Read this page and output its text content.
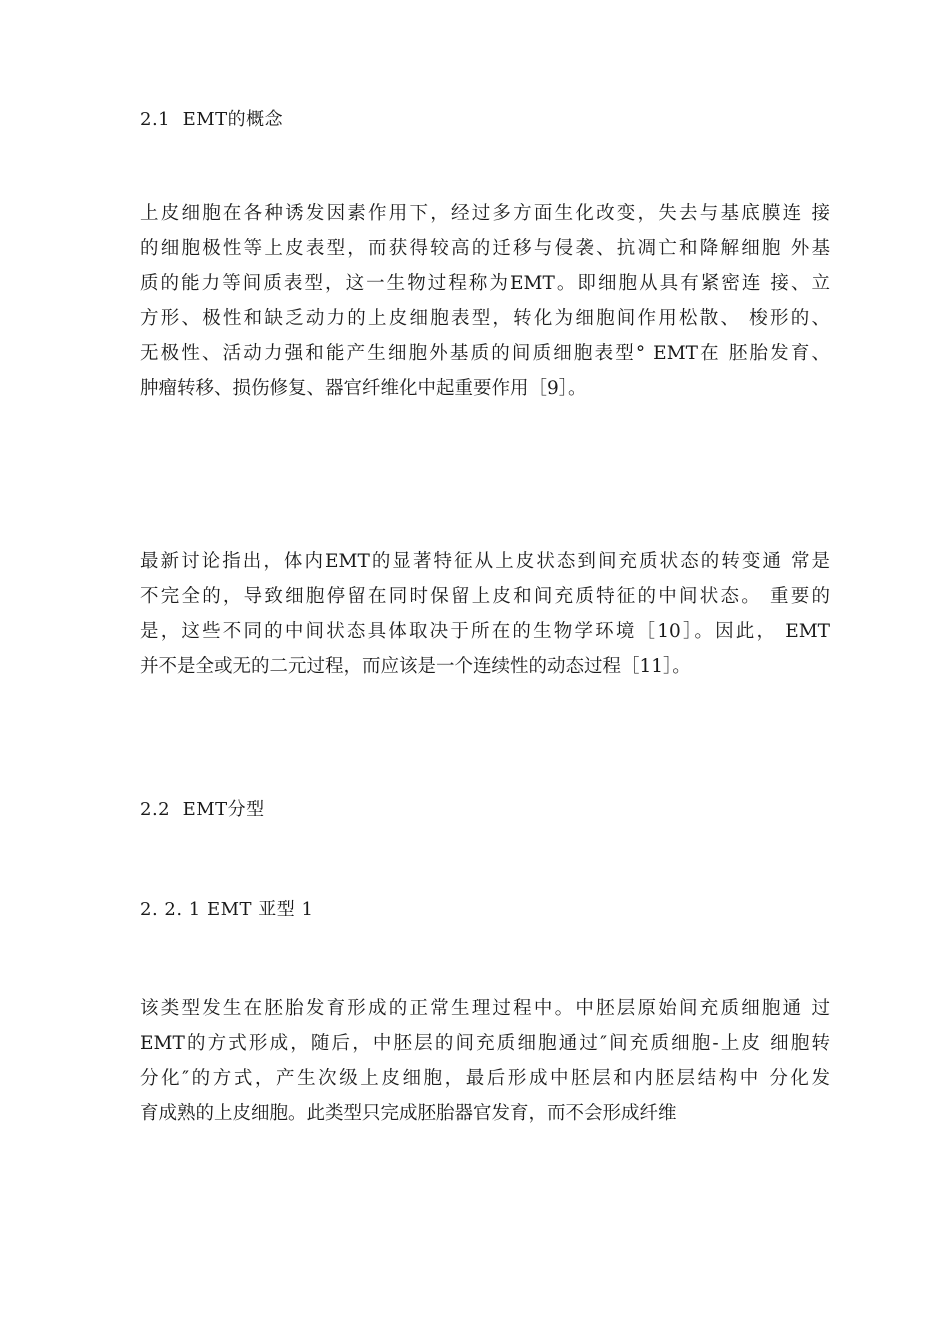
2.1  EMT的概念
上皮细胞在各种诱发因素作用下，经过多方面生化改变，失去与基底膜连 接
的细胞极性等上皮表型，而获得较高的迁移与侵袭、抗凋亡和降解细胞 外基
质的能力等间质表型，这一生物过程称为EMT。即细胞从具有紧密连 接、立
方形、极性和缺乏动力的上皮细胞表型，转化为细胞间作用松散、 梭形的、
无极性、活动力强和能产生细胞外基质的间质细胞表型° EMT在 胚胎发育、
肿瘤转移、损伤修复、器官纤维化中起重要作用［9］。
最新讨论指出，体内EMT的显著特征从上皮状态到间充质状态的转变通 常是
不完全的，导致细胞停留在同时保留上皮和间充质特征的中间状态。 重要的
是，这些不同的中间状态具体取决于所在的生物学环境［10］。因此， EMT
并不是全或无的二元过程，而应该是一个连续性的动态过程［11］。
2.2  EMT分型
2. 2. 1 EMT 亚型 1
该类型发生在胚胎发育形成的正常生理过程中。中胚层原始间充质细胞通 过
EMT的方式形成，随后，中胚层的间充质细胞通过″间充质细胞-上皮 细胞转
分化″的方式，产生次级上皮细胞，最后形成中胚层和内胚层结构中 分化发
育成熟的上皮细胞。此类型只完成胚胎器官发育，而不会形成纤维
